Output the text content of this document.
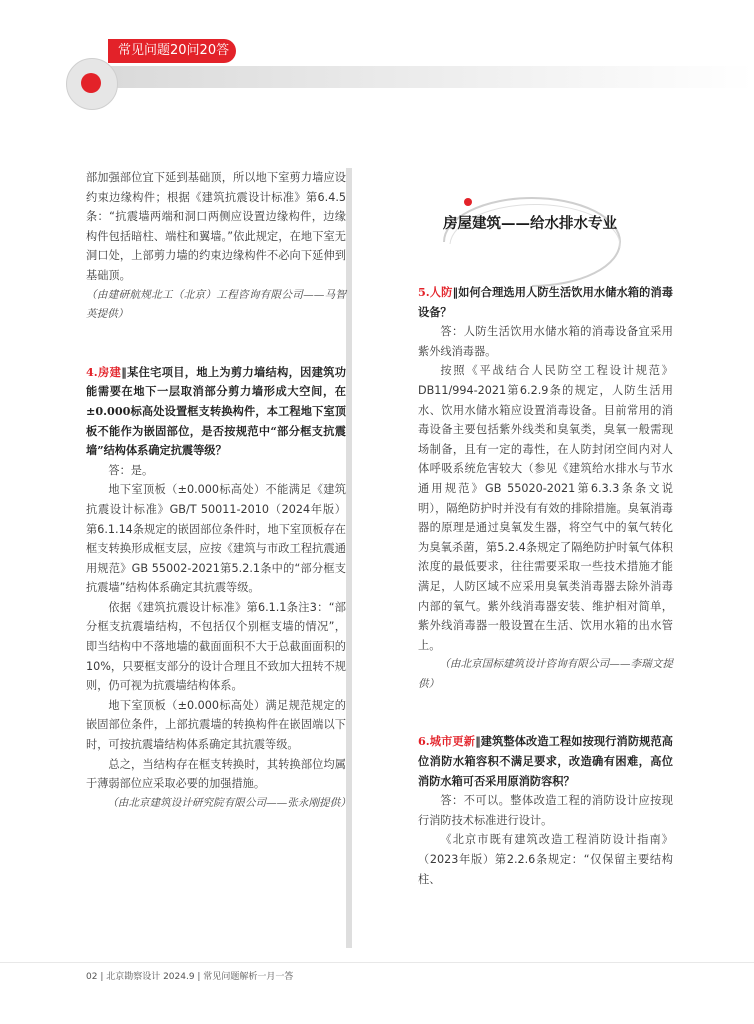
常见问题20问20答

部加强部位宜下延到基础顶，所以地下室剪力墙应设约束边缘构件；根据《建筑抗震设计标准》第6.4.5条：“抗震墙两端和洞口两侧应设置边缘构件，边缘构件包括暗柱、端柱和翼墙。”依此规定，在地下室无洞口处，上部剪力墙的约束边缘构件不必向下延伸到基础顶。

（由建研航规北工（北京）工程咨询有限公司——马智英提供）

4.房建‖某住宅项目，地上为剪力墙结构，因建筑功能需要在地下一层取消部分剪力墙形成大空间，在±0.000标高处设置框支转换构件，本工程地下室顶板不能作为嵌固部位，是否按规范中“部分框支抗震墙”结构体系确定抗震等级？

答：是。

地下室顶板（±0.000标高处）不能满足《建筑抗震设计标准》GB/T 50011-2010（2024年版）第6.1.14条规定的嵌固部位条件时，地下室顶板存在框支转换形成框支层，应按《建筑与市政工程抗震通用规范》GB 55002-2021第5.2.1条中的“部分框支抗震墙”结构体系确定其抗震等级。

依据《建筑抗震设计标准》第6.1.1条注3：“部分框支抗震墙结构，不包括仅个别框支墙的情况”，即当结构中不落地墙的截面面积不大于总截面面积的10%，只要框支部分的设计合理且不致加大扭转不规则，仍可视为抗震墙结构体系。

地下室顶板（±0.000标高处）满足规范规定的嵌固部位条件，上部抗震墙的转换构件在嵌固端以下时，可按抗震墙结构体系确定其抗震等级。

总之，当结构存在框支转换时，其转换部位均属于薄弱部位应采取必要的加强措施。

（由北京建筑设计研究院有限公司——张永刚提供）

房屋建筑——给水排水专业

5.人防‖如何合理选用人防生活饮用水储水箱的消毒设备？

答：人防生活饮用水储水箱的消毒设备宜采用紫外线消毒器。

按照《平战结合人民防空工程设计规范》DB11/994-2021第6.2.9条的规定，人防生活用水、饮用水储水箱应设置消毒设备。目前常用的消毒设备主要包括紫外线类和臭氧类，臭氧一般需现场制备，且有一定的毒性，在人防封闭空间内对人体呼吸系统危害较大（参见《建筑给水排水与节水通用规范》GB 55020-2021第6.3.3条条文说明），隔绝防护时并没有有效的排除措施。臭氧消毒器的原理是通过臭氧发生器，将空气中的氧气转化为臭氧杀菌，第5.2.4条规定了隔绝防护时氧气体积浓度的最低要求，往往需要采取一些技术措施才能满足，人防区域不应采用臭氧类消毒器去除外消毒内部的氧气。紫外线消毒器安装、维护相对简单，紫外线消毒器一般设置在生活、饮用水箱的出水管上。

（由北京国标建筑设计咨询有限公司——李瑞文提供）

6.城市更新‖建筑整体改造工程如按现行消防规范高位消防水箱容积不满足要求，改造确有困难，高位消防水箱可否采用原消防容积？

答：不可以。整体改造工程的消防设计应按现行消防技术标准进行设计。

《北京市既有建筑改造工程消防设计指南》（2023年版）第2.2.6条规定：“仅保留主要结构柱、

02 | 北京勘察设计 2024.9 | 常见问题解析一月一答
